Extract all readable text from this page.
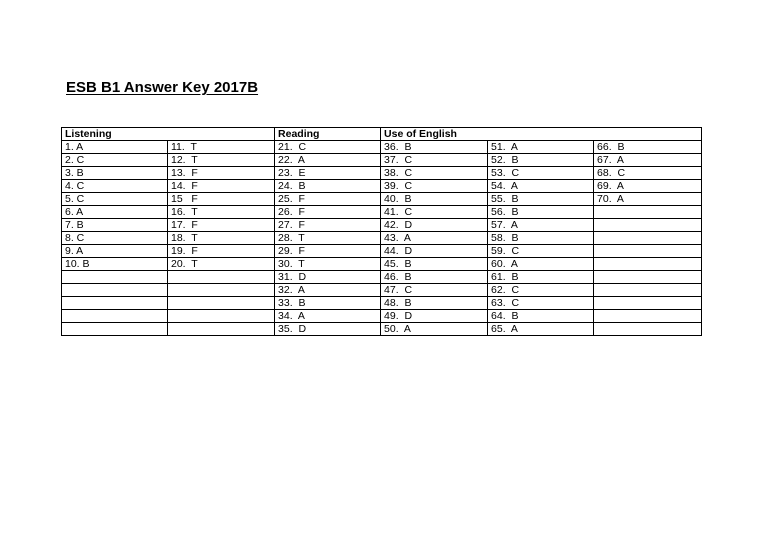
ESB B1 Answer Key 2017B
Listening		Reading	Use of English		
1. A	11.  T	21.  C	36.  B	51.  A	66.  B
2. C	12.  T	22.  A	37.  C	52.  B	67.  A
3. B	13.  F	23.  E	38.  C	53.  C	68.  C
4. C	14.  F	24.  B	39.  C	54.  A	69.  A
5. C	15   F	25.  F	40.  B	55.  B	70.  A
6. A	16.  T	26.  F	41.  C	56.  B	
7. B	17.  F	27.  F	42.  D	57.  A	
8. C	18.  T	28.  T	43.  A	58.  B	
9. A	19.  F	29.  F	44.  D	59.  C	
10. B	20.  T	30.  T	45.  B	60.  A	
		31.  D	46.  B	61.  B	
		32.  A	47.  C	62.  C	
		33.  B	48.  B	63.  C	
		34.  A	49.  D	64.  B	
		35.  D	50.  A	65.  A	
